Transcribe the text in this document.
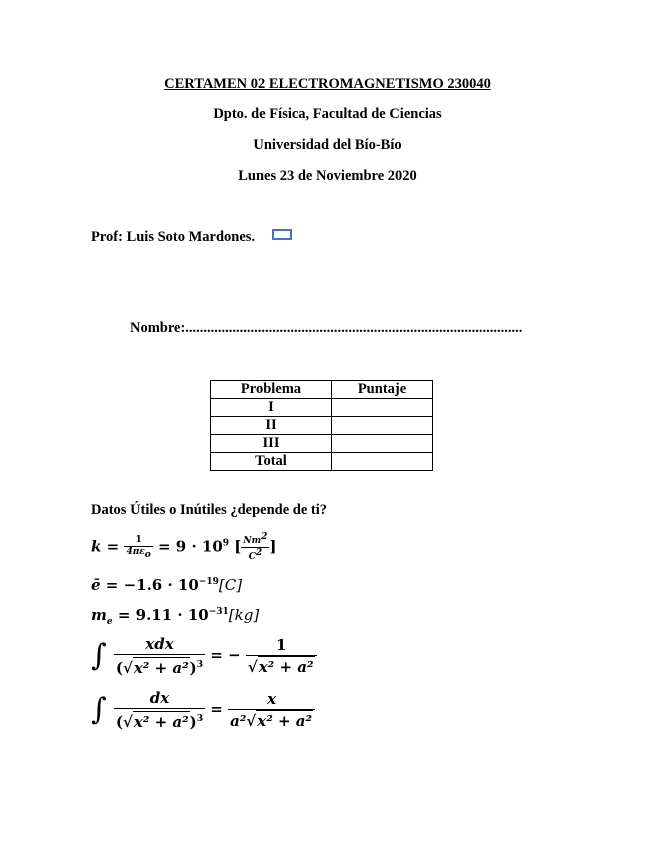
CERTAMEN 02 ELECTROMAGNETISMO 230040
Dpto. de Física, Facultad de Ciencias
Universidad del Bío-Bío
Lunes 23 de Noviembre 2020
Prof: Luis Soto Mardones.
Nombre:.............................................................................................
Problema	Puntaje
I	
II	
III	
Total	
Datos Útiles o Inútiles ¿depende de ti?
$k = \frac{1}{4\pi\varepsilon_o} = 9 \cdot 10^9$ [ $\frac{Nm^2}{C^2}$ ]
ē = $-1.6 \cdot 10^{-19}[C]$
$m_e = 9.11 \cdot 10^{-31}[kg]$
∫ $\frac{\text{xdx}}{(√x^2 + a^2)^3}$ = − $\frac{1}{\text{√x² + a²}}$
∫ $\frac{dx}{(√x^2 + a^2)^3} = \frac{x}{\text{a²√x² + a²}}$
